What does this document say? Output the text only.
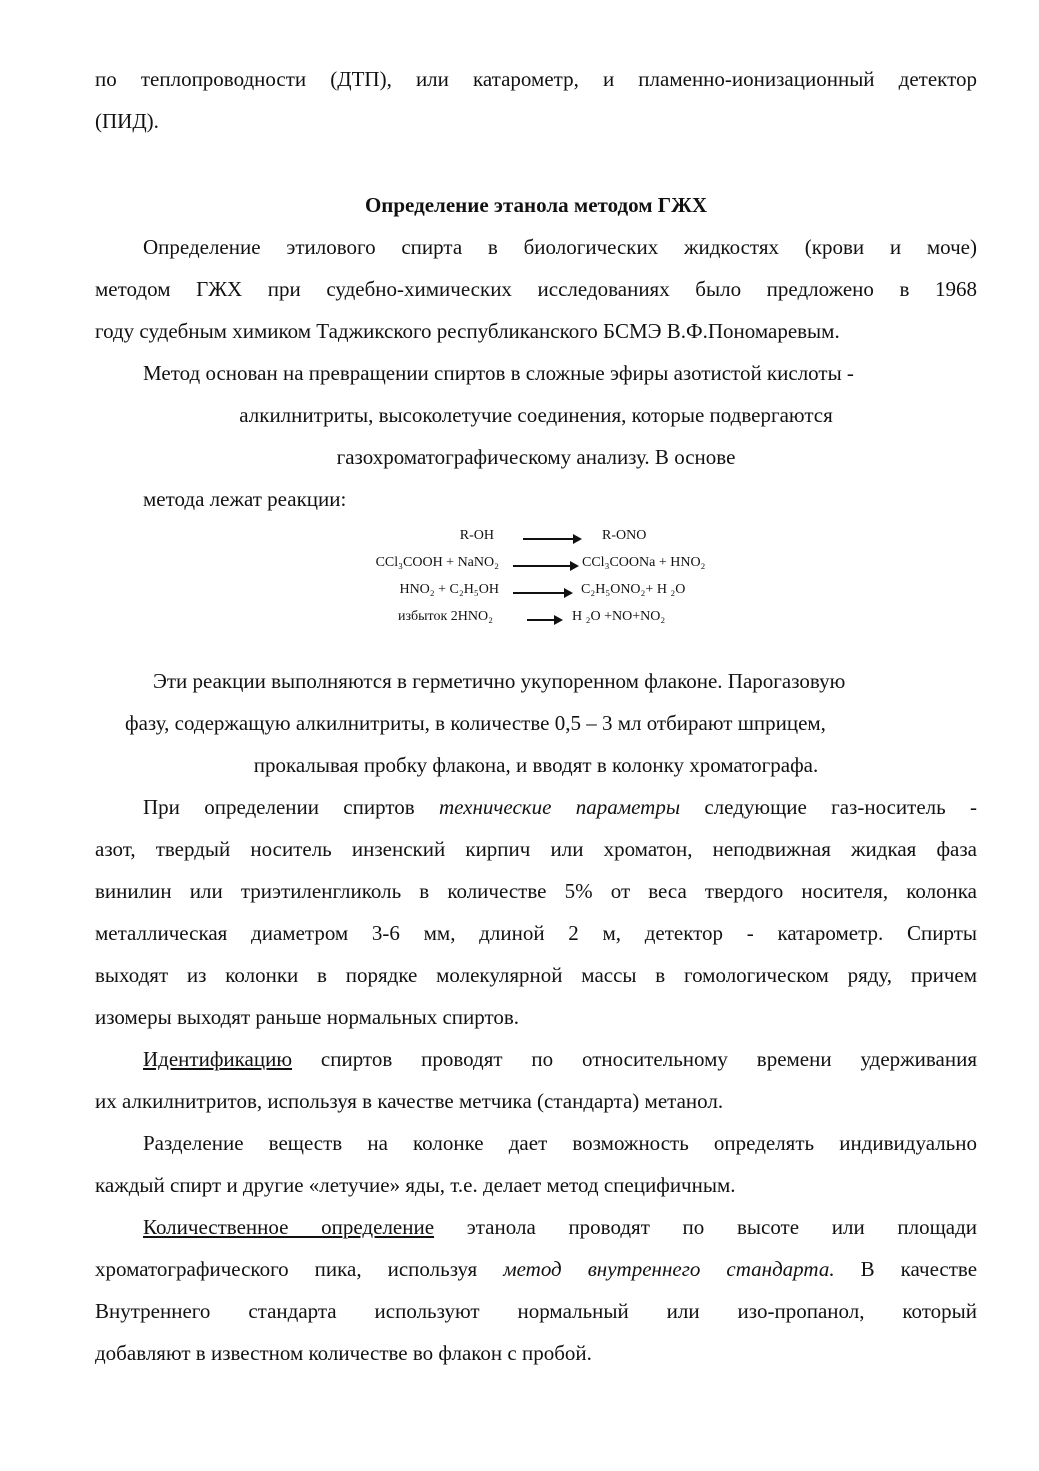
по теплопроводности (ДТП), или катарометр, и пламенно-ионизационный детектор
(ПИД).

Определение этанола методом ГЖХ

Определение этилового спирта в биологических жидкостях (крови и моче)
методом ГЖХ при судебно-химических исследованиях было предложено в 1968
году судебным химиком Таджикского республиканского БСМЭ В.Ф.Пономаревым.

Метод основан на превращении спиртов в сложные эфиры азотистой кислоты -
алкилнитриты, высоколетучие соединения, которые подвергаются
газохроматографическому анализу. В основе
метода лежат реакции:

R-OH	R-ONO
CCl₃COOH + NaNO₂	CCl₃COONa + HNO₂
HNO₂ + C₂H₅OH	C₂H₅ONO₂+ H ₂O
избыток 2HNO₂	H ₂O +NO+NO₂

Эти реакции выполняются в герметично укупоренном флаконе. Парогазовую
фазу, содержащую алкилнитриты, в количестве 0,5 – 3 мл отбирают шприцем,
прокалывая пробку флакона, и вводят в колонку хроматографа.

При определении спиртов технические параметры следующие газ-носитель -
азот, твердый носитель инзенский кирпич или хроматон, неподвижная жидкая фаза
винилин или триэтиленгликоль в количестве 5% от веса твердого носителя, колонка
металлическая диаметром 3-6 мм, длиной 2 м, детектор - катарометр. Спирты
выходят из колонки в порядке молекулярной массы в гомологическом ряду, причем
изомеры выходят раньше нормальных спиртов.

Идентификацию спиртов проводят по относительному времени удерживания
их алкилнитритов, используя в качестве метчика (стандарта) метанол.

Разделение веществ на колонке дает возможность определять индивидуально
каждый спирт и другие «летучие» яды, т.е. делает метод специфичным.

Количественное определение этанола проводят по высоте или площади
хроматографического пика, используя метод внутреннего стандарта. В качестве
Внутреннего стандарта используют нормальный или изо-пропанол, который
добавляют в известном количестве во флакон с пробой.
